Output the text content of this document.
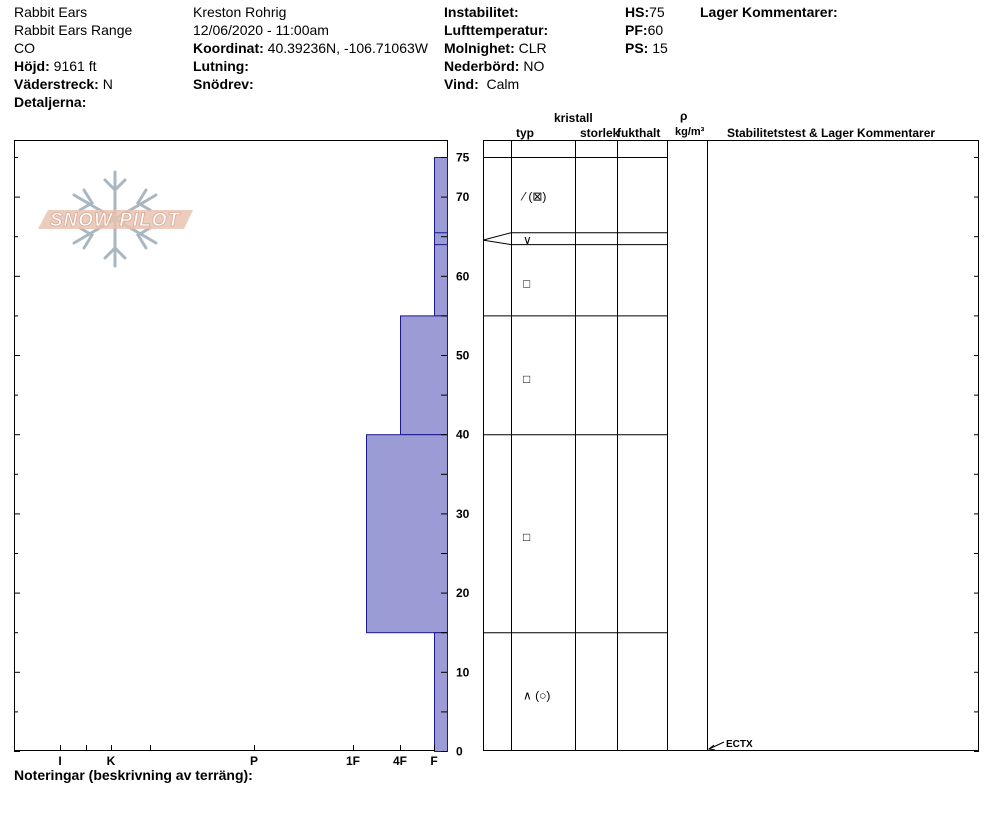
Rabbit Ears
Rabbit Ears Range
CO
Höjd: 9161 ft
Väderstreck: N
Detaljerna:
Kreston Rohrig
12/06/2020 - 11:00am
Koordinat: 40.39236N, -106.71063W
Lutning:
Snödrev:
Instabilitet:
Lufttemperatur:
Molnighet: CLR
Nederbörd: NO
Vind: Calm
HS:75
PF:60
PS: 15
Lager Kommentarer:
kristall
typ	storlek
fukthalt
ρ
kg/m³ Stabilitetstest & Lager Kommentarer
SNOW PILOT
0
10
20
30
40
50
60
70
75
I	K	P	1F	4F F
⁄ (⊠)
∨
□
□
□
∧ (○)
ECTX
Noteringar (beskrivning av terräng):
